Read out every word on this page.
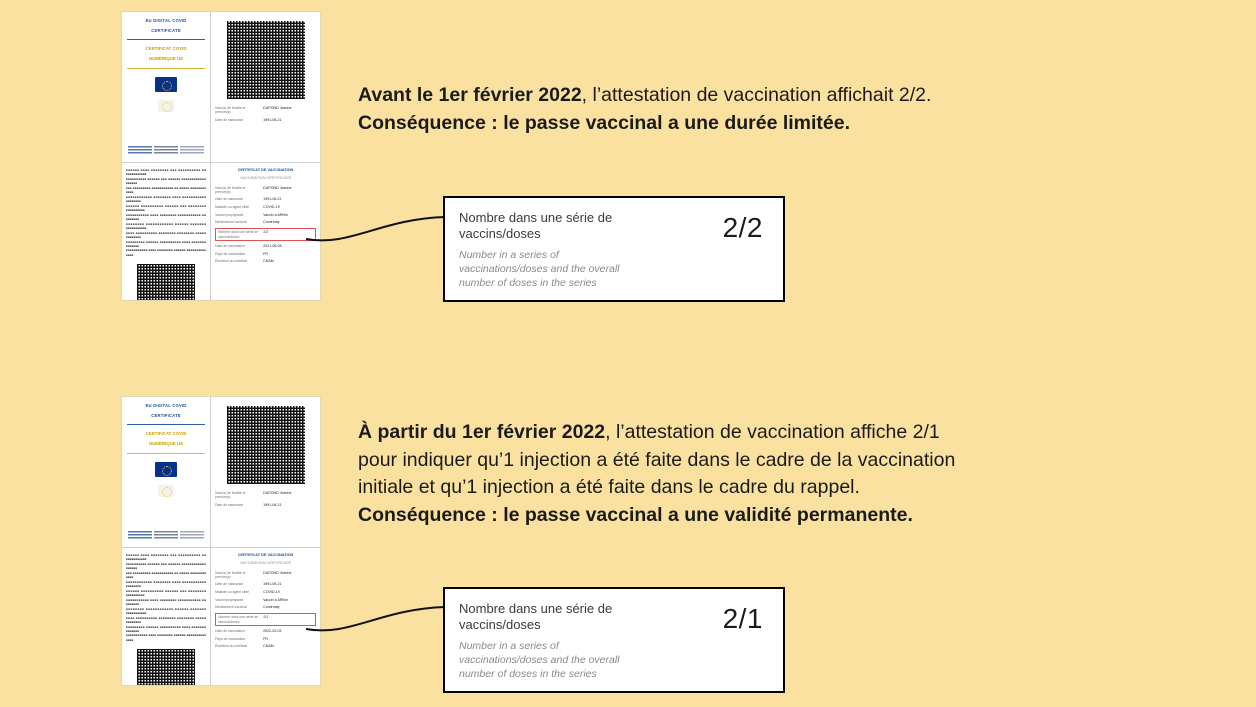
EU DIGITAL COVID
CERTIFICATE
CERTIFICAT COVID
NUMÉRIQUE UE
Nom(s) de famille et prénom(s)
DUPOND Jeanne
Date de naissance	1991-06-21
■■■■■■ ■■■■ ■■■■■■■■ ■■■ ■■■■■■■■■■ ■■ ■■■■■■■■■■■
■■■■■■■■■■ ■■■■■■ ■■■ ■■■■■■ ■■■■■■■■■■■■ ■■■■■■
■■■ ■■■■■■■■■ ■■■■■■■■■■■ ■■ ■■■■■ ■■■■■■■■ ■■■■
■■■■■■■■■■■■ ■■■■■■■■ ■■■■ ■■■■■■■■■■■ ■■■■■■■■
■■■■■■ ■■■■■■■■■■ ■■■■■■ ■■■ ■■■■■■■■ ■■■■■■■■■■
■■■■■■■■■■■ ■■■■ ■■■■■■■■ ■■■■■■■■■■■ ■■ ■■■■■■■
■■■■■■■■ ■■■■■■■■■■■■ ■■■■■■ ■■■■■■■ ■■■■■■■■■■■
■■■■ ■■■■■■■■■■ ■■■■■■■■ ■■■■■■■■ ■■■■■ ■■■■■■■■
■■■■■■■■■ ■■■■■■ ■■■■■■■■■■ ■■■■ ■■■■■■■ ■■■■■■■
■■■■■■■■■■■ ■■■■ ■■■■■■■■ ■■■■■■ ■■■■■■■■■■ ■■■■
CERTIFICAT DE VACCINATION
VACCINATION CERTIFICATE
Nom(s) de famille et prénom(s)
DUPOND Jeanne
Date de naissance	1991-06-21
Maladie ou agent ciblé	COVID-19
Vaccin/prophylaxie	Vaccin à ARNm
Médicament vaccinal	Comirnaty
Nombre dans une série de vaccins/doses
2/2
Date de vaccination	2021-06-28
Pays de vaccination	FR
Émetteur du certificat	CNAM
Avant le 1er février 2022, l’attestation de vaccination affichait 2/2.
Conséquence : le passe vaccinal a une durée limitée.
Nombre dans une série de
vaccins/doses
Number in a series of
vaccinations/doses and the overall
number of doses in the series
2/2
EU DIGITAL COVID
CERTIFICATE
CERTIFICAT COVID
NUMÉRIQUE UE
Nom(s) de famille et prénom(s)
DUPOND Jeanne
Date de naissance	1991-06-21
■■■■■■ ■■■■ ■■■■■■■■ ■■■ ■■■■■■■■■■ ■■ ■■■■■■■■■■■
■■■■■■■■■■ ■■■■■■ ■■■ ■■■■■■ ■■■■■■■■■■■■ ■■■■■■
■■■ ■■■■■■■■■ ■■■■■■■■■■■ ■■ ■■■■■ ■■■■■■■■ ■■■■
■■■■■■■■■■■■ ■■■■■■■■ ■■■■ ■■■■■■■■■■■ ■■■■■■■■
■■■■■■ ■■■■■■■■■■ ■■■■■■ ■■■ ■■■■■■■■ ■■■■■■■■■■
■■■■■■■■■■■ ■■■■ ■■■■■■■■ ■■■■■■■■■■■ ■■ ■■■■■■■
■■■■■■■■ ■■■■■■■■■■■■ ■■■■■■ ■■■■■■■ ■■■■■■■■■■■
■■■■ ■■■■■■■■■■ ■■■■■■■■ ■■■■■■■■ ■■■■■ ■■■■■■■■
■■■■■■■■■ ■■■■■■ ■■■■■■■■■■ ■■■■ ■■■■■■■ ■■■■■■■
■■■■■■■■■■■ ■■■■ ■■■■■■■■ ■■■■■■ ■■■■■■■■■■ ■■■■
CERTIFICAT DE VACCINATION
VACCINATION CERTIFICATE
Nom(s) de famille et prénom(s)
DUPOND Jeanne
Date de naissance	1991-06-21
Maladie ou agent ciblé	COVID-19
Vaccin/prophylaxie	Vaccin à ARNm
Médicament vaccinal	Comirnaty
Nombre dans une série de vaccins/doses
2/1
Date de vaccination	2022-02-03
Pays de vaccination	FR
Émetteur du certificat	CNAM
À partir du 1er février 2022, l’attestation de vaccination affiche 2/1
pour indiquer qu’1 injection a été faite dans le cadre de la vaccination
initiale et qu’1 injection a été faite dans le cadre du rappel.
Conséquence : le passe vaccinal a une validité permanente.
Nombre dans une série de
vaccins/doses
Number in a series of
vaccinations/doses and the overall
number of doses in the series
2/1
